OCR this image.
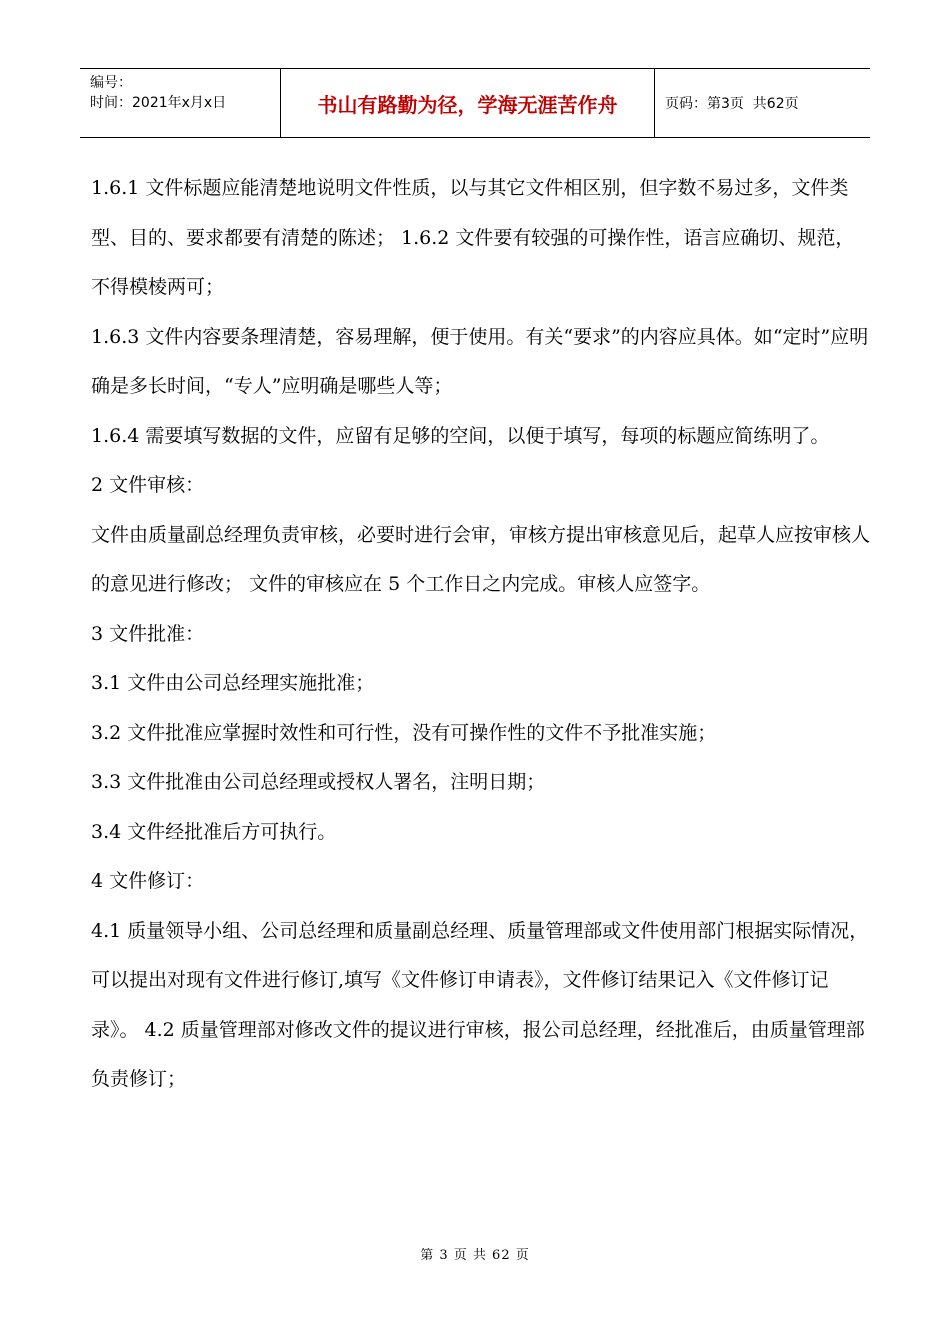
编号：
时间：2021年x月x日	书山有路勤为径，学海无涯苦作舟	页码：第3页  共62页

1.6.1 文件标题应能清楚地说明文件性质，以与其它文件相区别，但字数不易过多，文件类型、目的、要求都要有清楚的陈述； 1.6.2 文件要有较强的可操作性，语言应确切、规范，不得模棱两可；

1.6.3 文件内容要条理清楚，容易理解，便于使用。有关“要求”的内容应具体。如“定时”应明确是多长时间，“专人”应明确是哪些人等；

1.6.4 需要填写数据的文件，应留有足够的空间，以便于填写，每项的标题应简练明了。

2 文件审核：

文件由质量副总经理负责审核，必要时进行会审，审核方提出审核意见后，起草人应按审核人的意见进行修改； 文件的审核应在 5 个工作日之内完成。审核人应签字。

3 文件批准：

3.1 文件由公司总经理实施批准；

3.2 文件批准应掌握时效性和可行性，没有可操作性的文件不予批准实施；

3.3 文件批准由公司总经理或授权人署名，注明日期；

3.4 文件经批准后方可执行。

4 文件修订：

4.1 质量领导小组、公司总经理和质量副总经理、质量管理部或文件使用部门根据实际情况，可以提出对现有文件进行修订,填写《文件修订申请表》，文件修订结果记入《文件修订记录》。 4.2 质量管理部对修改文件的提议进行审核，报公司总经理，经批准后，由质量管理部负责修订；

第 3 页 共 62 页
